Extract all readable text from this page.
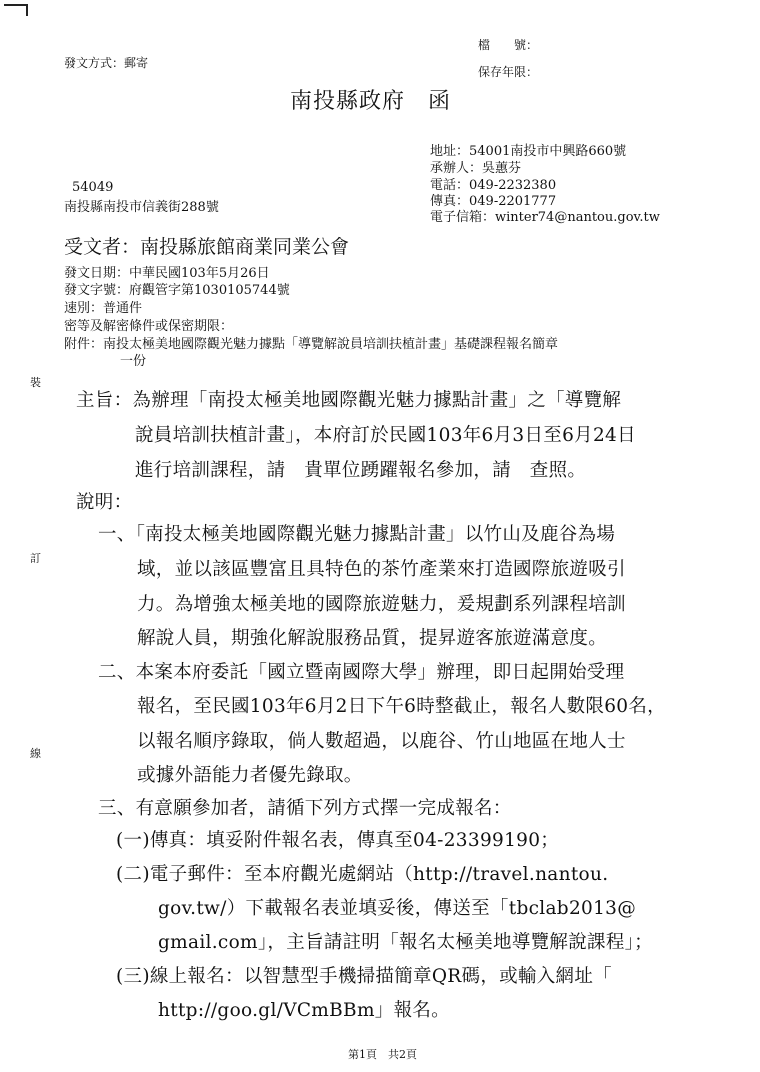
發文方式：郵寄
檔　　號：
保存年限：
南投縣政府　函
地址：54001南投市中興路660號
承辦人：吳蕙芬
電話：049-2232380
傳真：049-2201777
電子信箱：winter74@nantou.gov.tw
54049
南投縣南投市信義街288號
受文者：南投縣旅館商業同業公會
發文日期：中華民國103年5月26日
發文字號：府觀管字第1030105744號
速別：普通件
密等及解密條件或保密期限：
附件：南投太極美地國際觀光魅力據點「導覽解說員培訓扶植計畫」基礎課程報名簡章
一份
裝
訂
線
主旨：為辦理「南投太極美地國際觀光魅力據點計畫」之「導覽解
說員培訓扶植計畫」，本府訂於民國103年6月3日至6月24日
進行培訓課程，請　貴單位踴躍報名參加，請　查照。
說明：
一、「南投太極美地國際觀光魅力據點計畫」以竹山及鹿谷為場
域，並以該區豐富且具特色的茶竹產業來打造國際旅遊吸引
力。為增強太極美地的國際旅遊魅力，爰規劃系列課程培訓
解說人員，期強化解說服務品質，提昇遊客旅遊滿意度。
二、本案本府委託「國立暨南國際大學」辦理，即日起開始受理
報名，至民國103年6月2日下午6時整截止，報名人數限60名，
以報名順序錄取，倘人數超過，以鹿谷、竹山地區在地人士
或據外語能力者優先錄取。
三、有意願參加者，請循下列方式擇一完成報名：
(一)傳真：填妥附件報名表，傳真至04-23399190；
(二)電子郵件：至本府觀光處網站（http://travel.nantou.
gov.tw/）下載報名表並填妥後，傳送至「tbclab2013@
gmail.com」，主旨請註明「報名太極美地導覽解說課程」；
(三)線上報名：以智慧型手機掃描簡章QR碼，或輸入網址「
http://goo.gl/VCmBBm」報名。
第1頁　共2頁
